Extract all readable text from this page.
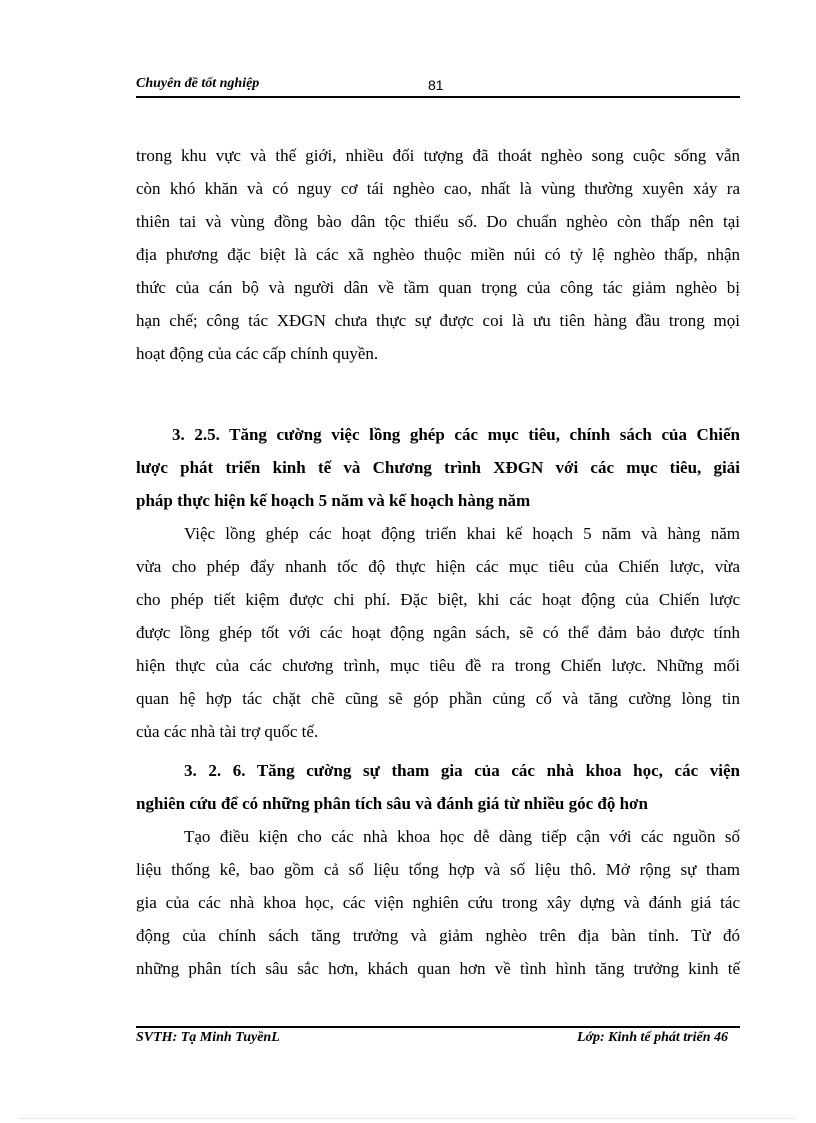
Chuyên đề tốt nghiệp	81
trong khu vực và thế giới, nhiều đối tượng đã thoát nghèo song cuộc sống vẫn
còn khó khăn và có nguy cơ tái nghèo cao, nhất là vùng thường xuyên xảy ra
thiên tai và vùng đồng bào dân tộc thiểu số. Do chuẩn nghèo còn thấp nên tại
địa phương đặc biệt là các xã nghèo thuộc miền núi có tỷ lệ nghèo thấp, nhận
thức của cán bộ và người dân về tầm quan trọng của công tác giảm nghèo bị
hạn chế; công tác XĐGN chưa thực sự được coi là ưu tiên hàng đầu trong mọi
hoạt động của các cấp chính quyền.
3. 2.5. Tăng cường việc lồng ghép các mục tiêu, chính sách của Chiến
lược phát triển kinh tế và Chương trình XĐGN với các mục tiêu, giải
pháp thực hiện kế hoạch 5 năm và kế hoạch hàng năm
Việc lồng ghép các hoạt động triển khai kế hoạch 5 năm và hàng năm
vừa cho phép đẩy nhanh tốc độ thực hiện các mục tiêu của Chiến lược, vừa
cho phép tiết kiệm được chi phí. Đặc biệt, khi các hoạt động của Chiến lược
được lồng ghép tốt với các hoạt động ngân sách, sẽ có thể đảm bảo được tính
hiện thực của các chương trình, mục tiêu đề ra trong Chiến lược. Những mối
quan hệ hợp tác chặt chẽ cũng sẽ góp phần củng cố và tăng cường lòng tin
của các nhà tài trợ quốc tế.
3. 2. 6. Tăng cường sự tham gia của các nhà khoa học, các viện
nghiên cứu để có những phân tích sâu và đánh giá từ nhiều góc độ hơn
Tạo điều kiện cho các nhà khoa học dễ dàng tiếp cận với các nguồn số
liệu thống kê, bao gồm cả số liệu tổng hợp và số liệu thô. Mở rộng sự tham
gia của các nhà khoa học, các viện nghiên cứu trong xây dựng và đánh giá tác
động của chính sách tăng trưởng và giảm nghèo trên địa bàn tỉnh. Từ đó
những phân tích sâu sắc hơn, khách quan hơn về tình hình tăng trưởng kinh tế
SVTH: Tạ Minh TuyềnL	Lớp: Kinh tế phát triển 46
